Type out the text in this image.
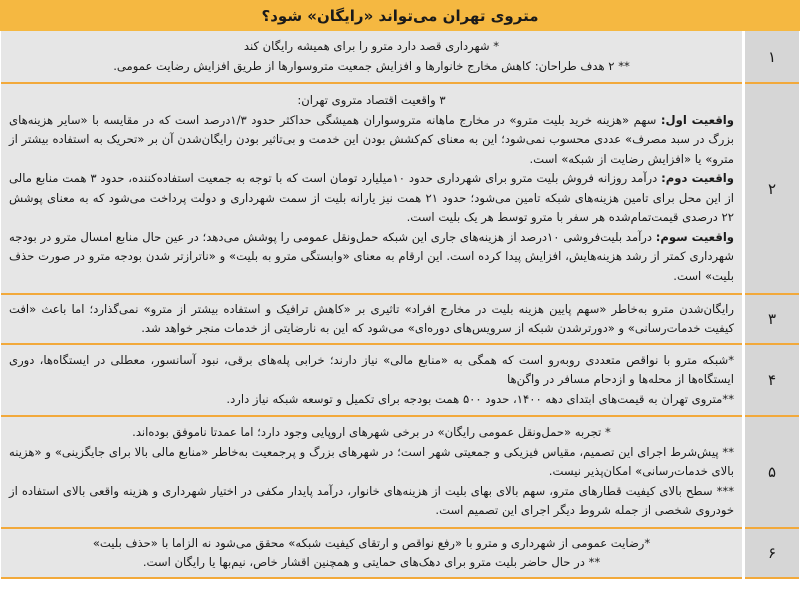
متروی تهران می‌تواند «رایگان» شود؟
۱	* شهرداری قصد دارد مترو را برای همیشه رایگان کند

** ۲ هدف طراحان: کاهش مخارج خانوارها و افزایش جمعیت متروسوارها از طریق افزایش رضایت عمومی.

۲	۳ واقعیت اقتصاد متروی تهران:

واقعیت اول: سهم «هزینه خرید بلیت مترو» در مخارج ماهانه متروسواران همیشگی حداکثر حدود ۱/۳درصد است که در مقایسه با «سایر هزینه‌های بزرگ در سبد مصرف» عددی محسوب نمی‌شود؛ این به معنای کم‌کشش بودن این خدمت و بی‌تاثیر بودن رایگان‌شدن آن بر «تحریک به استفاده بیشتر از مترو» یا «افزایش رضایت از شبکه» است.

واقعیت دوم: درآمد روزانه فروش بلیت مترو برای شهرداری حدود ۱۰میلیارد تومان است که با توجه به جمعیت استفاده‌کننده، حدود ۳ همت منابع مالی از این محل برای تامین هزینه‌های شبکه تامین می‌شود؛ حدود ۲۱ همت نیز یارانه بلیت از سمت شهرداری و دولت پرداخت می‌شود که به معنای پوشش ۲۲ درصدی قیمت‌تمام‌شده هر سفر با مترو توسط هر یک بلیت است.

واقعیت سوم: درآمد بلیت‌فروشی ۱۰درصد از هزینه‌های جاری این شبکه حمل‌ونقل عمومی را پوشش می‌دهد؛ در عین حال منابع امسال مترو در بودجه شهرداری کمتر از رشد هزینه‌هایش، افزایش پیدا کرده است. این ارقام به معنای «وابستگی مترو به بلیت» و «ناتراز‌تر شدن بودجه مترو در صورت حذف بلیت» است.

۳	رایگان‌شدن مترو به‌خاطر «سهم پایین هزینه بلیت در مخارج افراد» تاثیری بر «کاهش ترافیک و استفاده بیشتر از مترو» نمی‌گذارد؛ اما باعث «افت کیفیت خدمات‌رسانی» و «دورترشدن شبکه از سرویس‌های دوره‌ای» می‌شود که این به نارضایتی از خدمات منجر خواهد شد.

۴	*شبکه مترو با نواقص متعددی روبه‌رو است که همگی به «منابع مالی» نیاز دارند؛ خرابی پله‌های برقی، نبود آسانسور، معطلی در ایستگاه‌ها، دوری ایستگاه‌ها از محله‌ها و ازدحام مسافر در واگن‌ها

**متروی تهران به قیمت‌های ابتدای دهه ۱۴۰۰، حدود ۵۰۰ همت بودجه برای تکمیل و توسعه شبکه نیاز دارد.

۵	* تجربه «حمل‌ونقل عمومی رایگان» در برخی شهرهای اروپایی وجود دارد؛ اما عمدتا ناموفق بوده‌اند.

** پیش‌شرط اجرای این تصمیم، مقیاس فیزیکی و جمعیتی شهر است؛ در شهرهای بزرگ و پرجمعیت به‌خاطر «منابع مالی بالا برای جایگزینی» و «هزینه بالای خدمات‌رسانی» امکان‌پذیر نیست.

*** سطح بالای کیفیت قطارهای مترو، سهم بالای بهای بلیت از هزینه‌های خانوار، درآمد پایدار مکفی در اختیار شهرداری و هزینه واقعی بالای استفاده از خودروی شخصی از جمله شروط دیگر اجرای این تصمیم است.

۶	*رضایت عمومی از شهرداری و مترو با «رفع نواقص و ارتقای کیفیت شبکه» محقق می‌شود نه الزاما با «حذف بلیت»

** در حال حاضر بلیت مترو برای دهک‌های حمایتی و همچنین اقشار خاص، نیم‌بها یا رایگان است.
